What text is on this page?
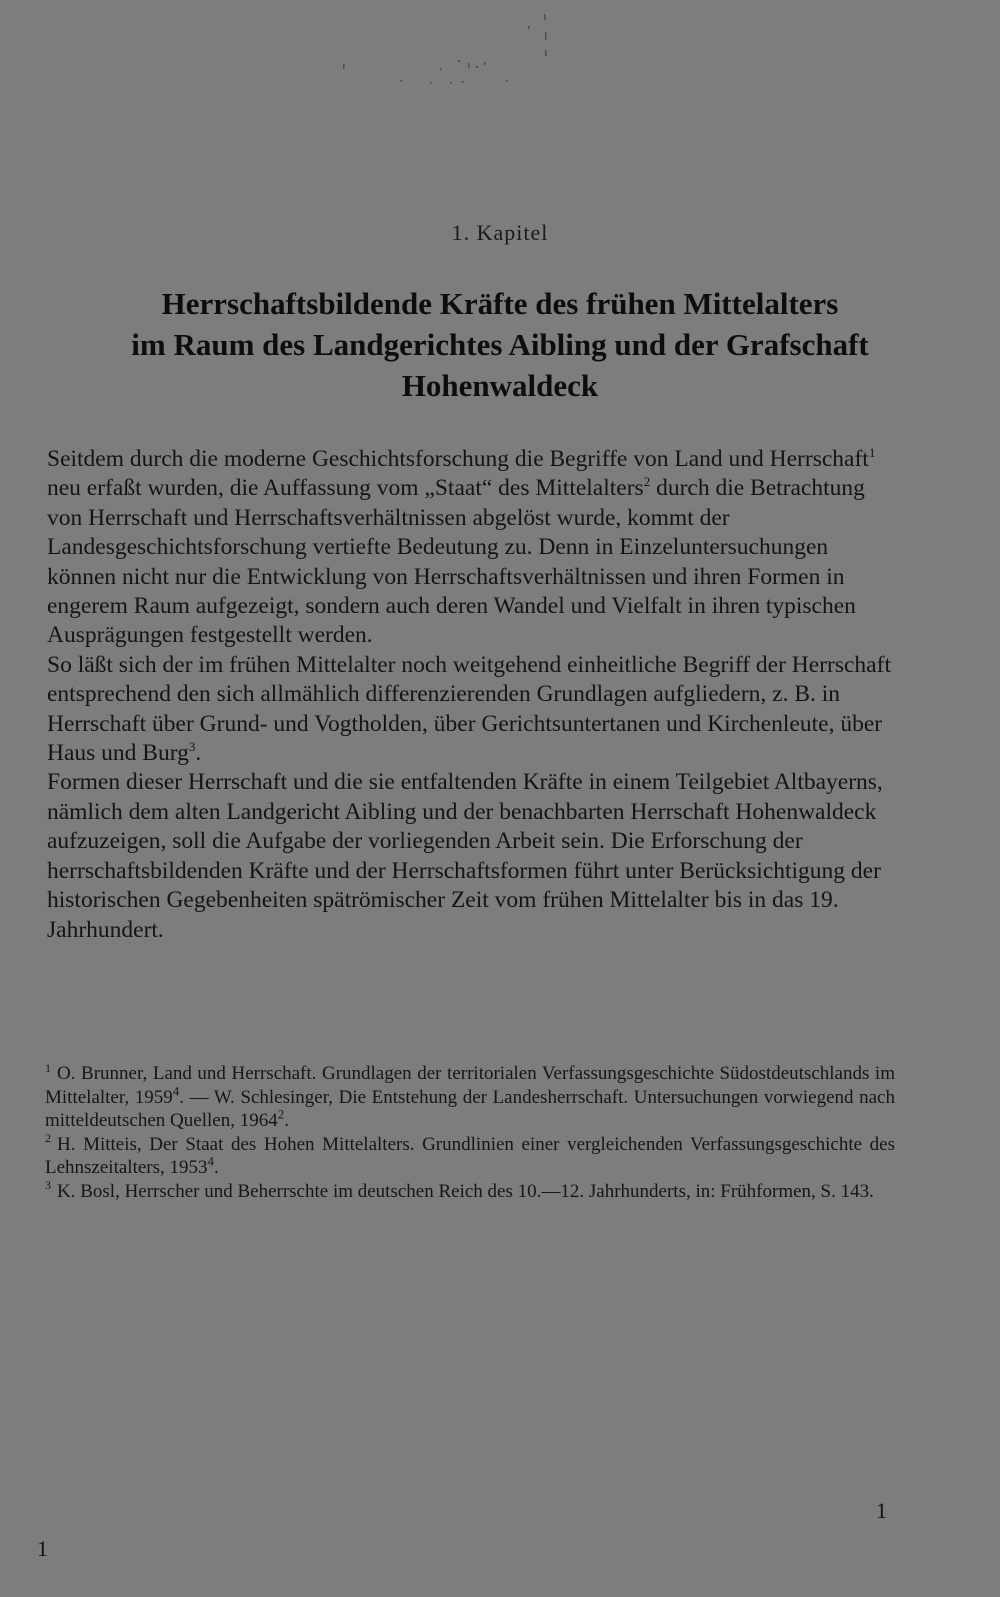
1. Kapitel
Herrschaftsbildende Kräfte des frühen Mittelalters
im Raum des Landgerichtes Aibling und der Grafschaft
Hohenwaldeck

Seitdem durch die moderne Geschichtsforschung die Begriffe von Land und Herrschaft$^1$ neu erfaßt wurden, die Auffassung vom „Staat“ des Mittelalters$^2$ durch die Betrachtung von Herrschaft und Herrschaftsverhältnissen abgelöst wurde, kommt der Landesgeschichtsforschung vertiefte Bedeutung zu. Denn in Einzeluntersuchungen können nicht nur die Entwicklung von Herrschaftsverhältnissen und ihren Formen in engerem Raum aufgezeigt, sondern auch deren Wandel und Vielfalt in ihren typischen Ausprägungen festgestellt werden.

So läßt sich der im frühen Mittelalter noch weitgehend einheitliche Begriff der Herrschaft entsprechend den sich allmählich differenzierenden Grundlagen aufgliedern, z. B. in Herrschaft über Grund- und Vogtholden, über Gerichtsuntertanen und Kirchenleute, über Haus und Burg$^3$.

Formen dieser Herrschaft und die sie entfaltenden Kräfte in einem Teilgebiet Altbayerns, nämlich dem alten Landgericht Aibling und der benachbarten Herrschaft Hohenwaldeck aufzuzeigen, soll die Aufgabe der vorliegenden Arbeit sein. Die Erforschung der herrschaftsbildenden Kräfte und der Herrschaftsformen führt unter Berücksichtigung der historischen Gegebenheiten spätrömischer Zeit vom frühen Mittelalter bis in das 19. Jahrhundert.

$^1$ O. Brunner, Land und Herrschaft. Grundlagen der territorialen Verfassungsgeschichte Südostdeutschlands im Mittelalter, 1959$^4$. — W. Schlesinger, Die Entstehung der Landesherrschaft. Untersuchungen vorwiegend nach mitteldeutschen Quellen, 1964$^2$.

$^2$ H. Mitteis, Der Staat des Hohen Mittelalters. Grundlinien einer vergleichenden Verfassungsgeschichte des Lehnszeitalters, 1953$^4$.

$^3$ K. Bosl, Herrscher und Beherrschte im deutschen Reich des 10.—12. Jahrhunderts, in: Frühformen, S. 143.

1
1
